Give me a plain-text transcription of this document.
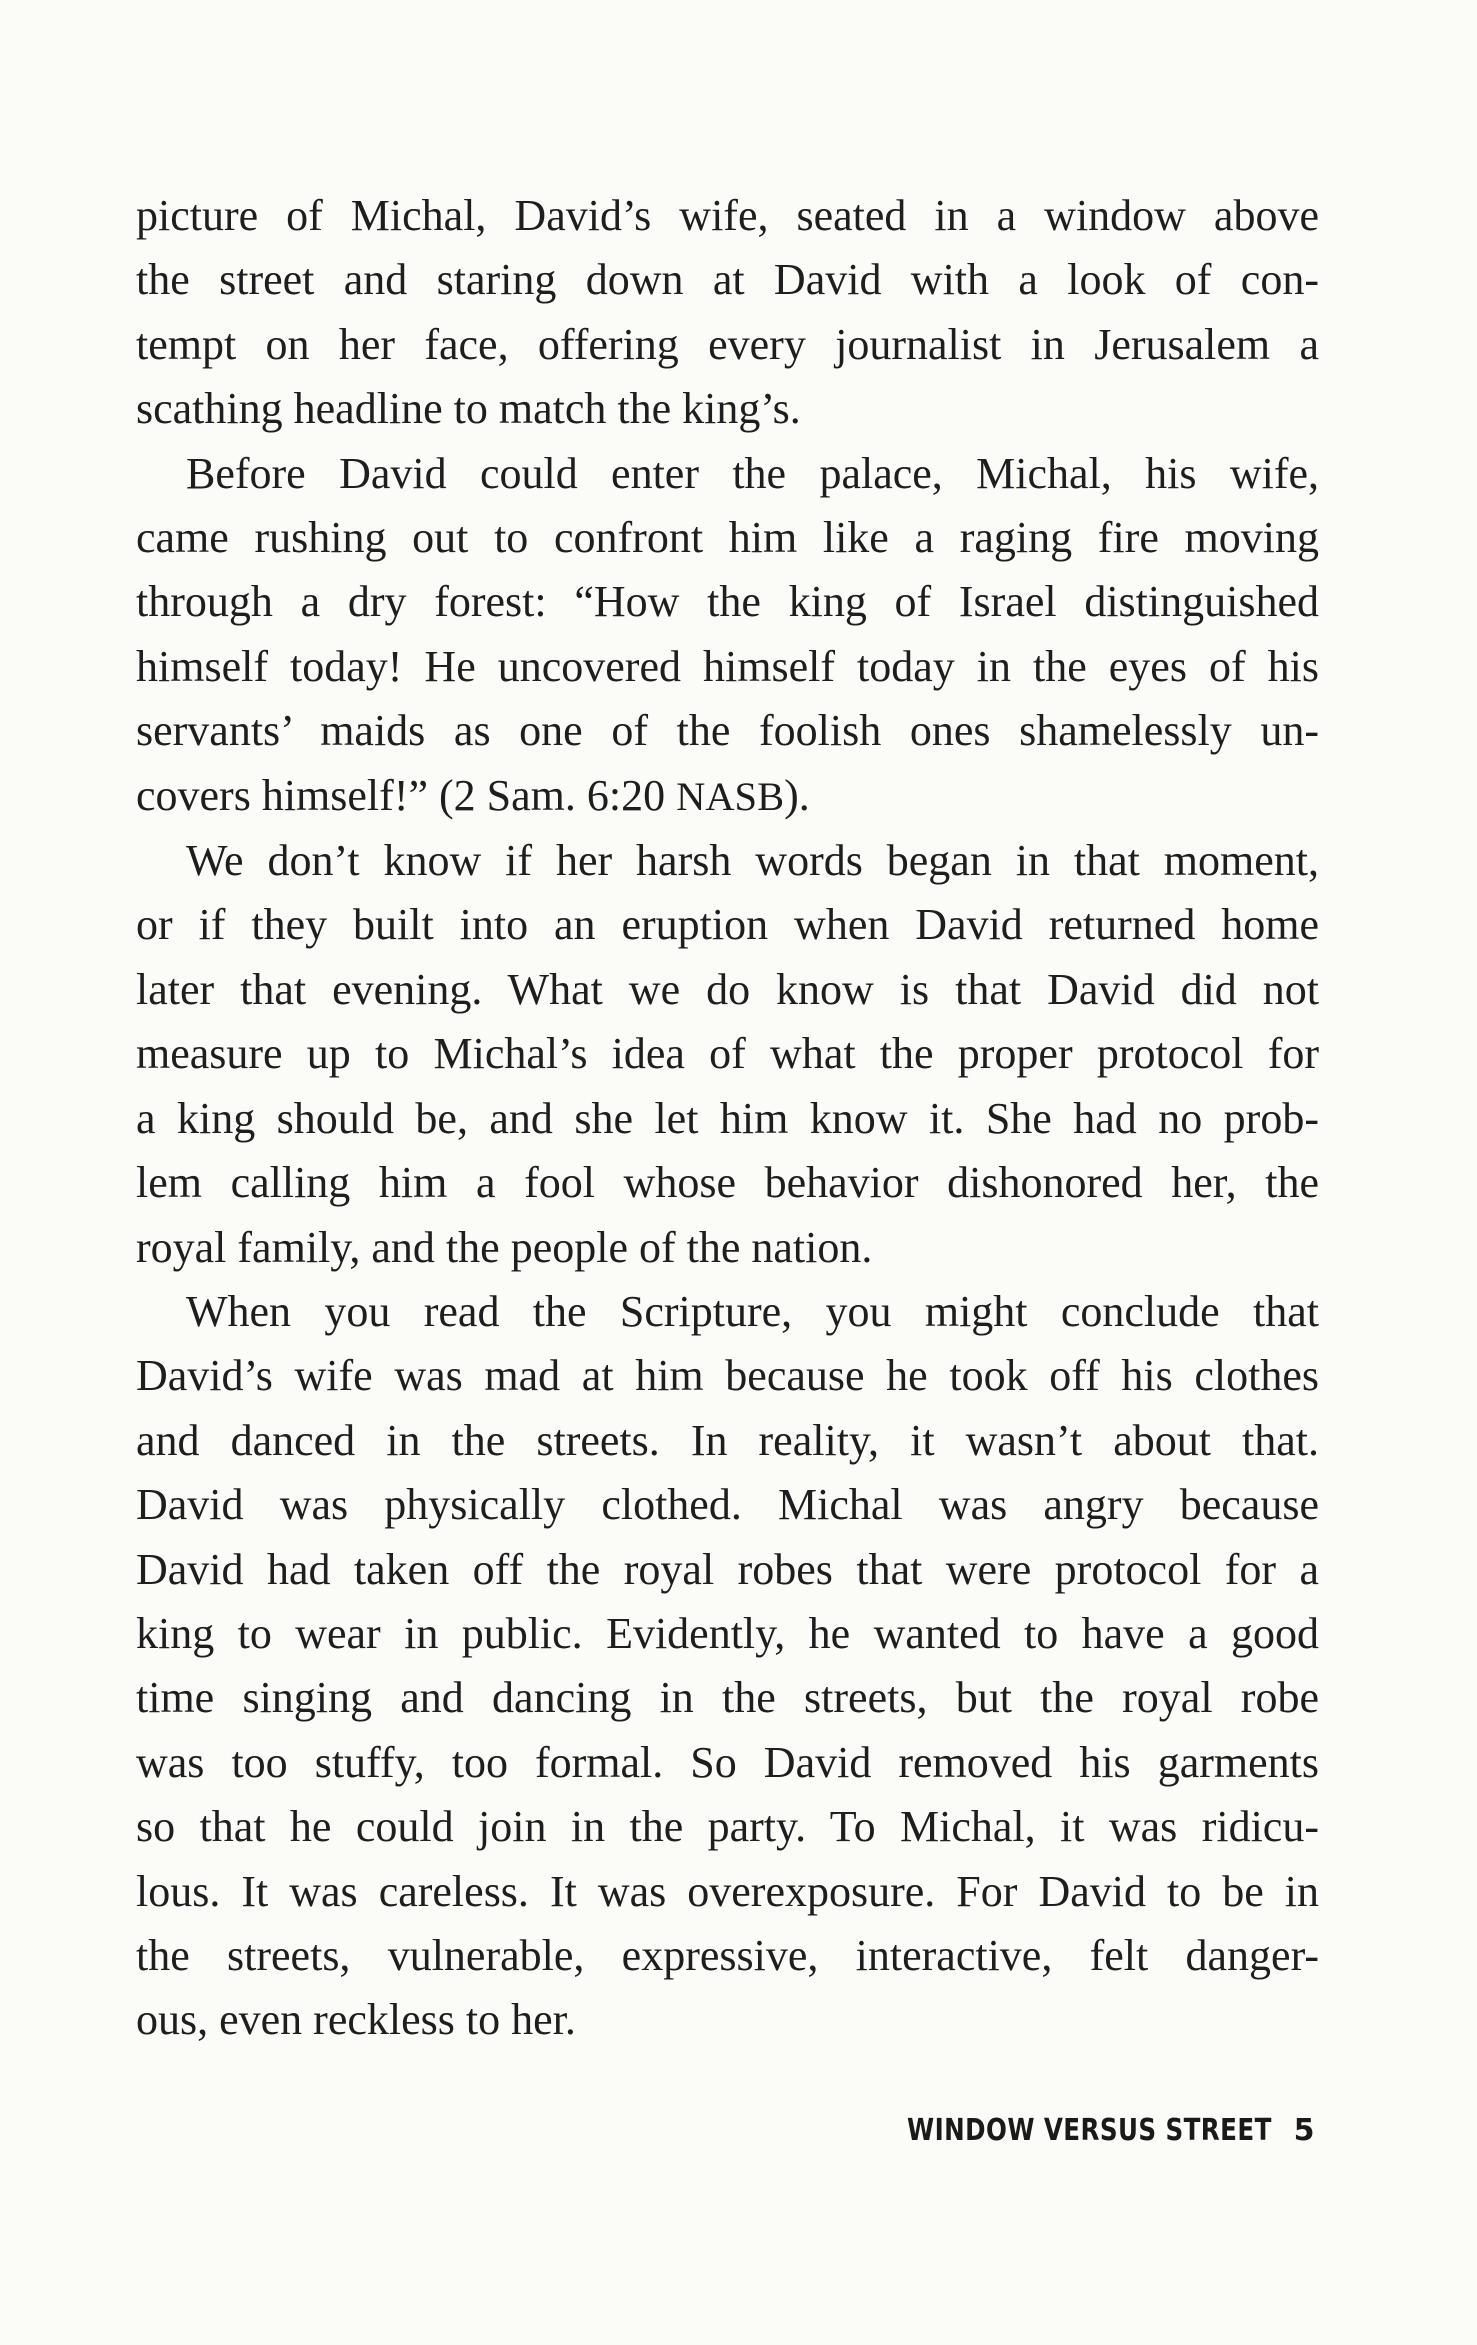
picture of Michal, David’s wife, seated in a window above
the street and staring down at David with a look of con-
tempt on her face, offering every journalist in Jerusalem a
scathing headline to match the king’s.

Before David could enter the palace, Michal, his wife,
came rushing out to confront him like a raging fire moving
through a dry forest: “How the king of Israel distinguished
himself today! He uncovered himself today in the eyes of his
servants’ maids as one of the foolish ones shamelessly un-
covers himself!” (2 Sam. 6:20 NASB).

We don’t know if her harsh words began in that moment,
or if they built into an eruption when David returned home
later that evening. What we do know is that David did not
measure up to Michal’s idea of what the proper protocol for
a king should be, and she let him know it. She had no prob-
lem calling him a fool whose behavior dishonored her, the
royal family, and the people of the nation.

When you read the Scripture, you might conclude that
David’s wife was mad at him because he took off his clothes
and danced in the streets. In reality, it wasn’t about that.
David was physically clothed. Michal was angry because
David had taken off the royal robes that were protocol for a
king to wear in public. Evidently, he wanted to have a good
time singing and dancing in the streets, but the royal robe
was too stuffy, too formal. So David removed his garments
so that he could join in the party. To Michal, it was ridicu-
lous. It was careless. It was overexposure. For David to be in
the streets, vulnerable, expressive, interactive, felt danger-
ous, even reckless to her.

WINDOW VERSUS STREET 5
